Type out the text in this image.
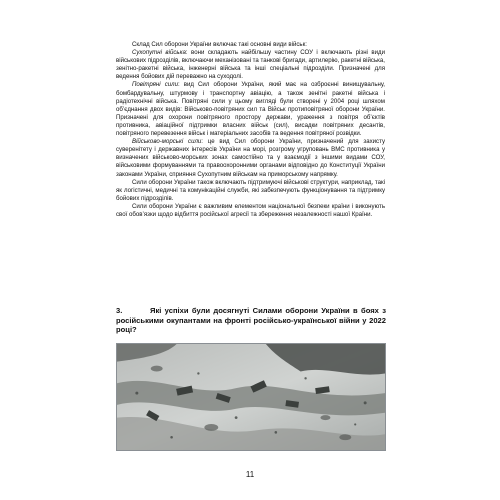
Склад Сил оборони України включає такі основні види військ:

Сухопутні війська: вони складають найбільшу частину СОУ і включають різні види військових підрозділів, включаючи механізовані та танкові бригади, артилерію, ракетні війська, зенітно-ракетні війська, інженерні війська та інші спеціальні підрозділи. Призначені для ведення бойових дій переважно на суходолі.

Повітряні сили: вид Сил оборони України, який має на озброєнні винищувальну, бомбардувальну, штурмову і транспортну авіацію, а також зенітні ракетні війська і радіотехнічні війська. Повітряні сили у цьому вигляді були створені у 2004 році шляхом об’єднання двох видів: Військово-повітряних сил та Військ протиповітряної оборони України. Призначені для охорони повітряного простору держави, ураження з повітря об’єктів противника, авіаційної підтримки власних військ (сил), висадки повітряних десантів, повітряного перевезення військ і матеріальних засобів та ведення повітряної розвідки.

Військово-морські сили: це вид Сил оборони України, призначений для захисту суверенітету і державних інтересів України на морі, розгрому угруповань ВМС противника у визначених військово-морських зонах самостійно та у взаємодії з іншими видами СОУ, військовими формуваннями та правоохоронними органами відповідно до Конституції України законами України, сприяння Сухопутним військам на приморському напрямку.

Сили оборони України також включають підтримуючі військові структури, наприклад, такі як логістичні, медичні та комунікаційні служби, які забезпечують функціонування та підтримку бойових підрозділів.

Сили оборони України є важливим елементом національної безпеки країни і виконують свої обов’язки щодо відбиття російської агресії та збереження незалежності нашої Країни.

3.	Які успіхи були досягнуті Силами оборони України в боях з російськими окупантами на фронті російсько-української війни у 2022 році?
11
